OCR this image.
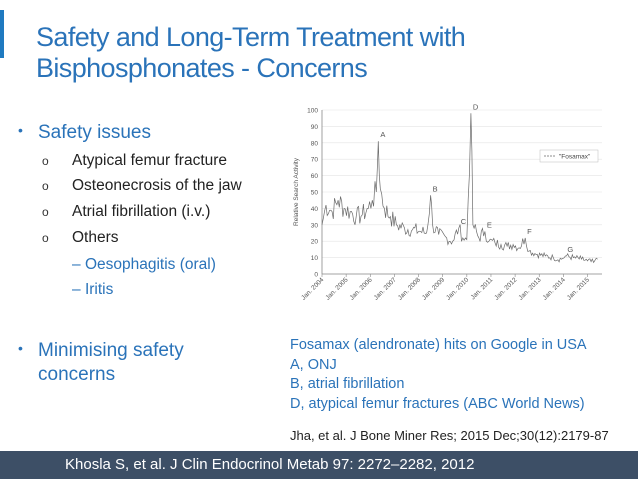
Safety and Long-Term Treatment with
Bisphosphonates - Concerns
• Safety issues
o Atypical femur fracture
o Osteonecrosis of the jaw
o Atrial fibrillation (i.v.)
o Others
– Oesophagitis (oral)
– Iritis
• Minimising safety
concerns
0
10
20
30
40
50
60
70
80
90
100
Relative Search Activity
Jan. 2004
Jan. 2005
Jan. 2006
Jan. 2007
Jan. 2008
Jan. 2009
Jan. 2010 Jan. 2011
Jan. 2012
Jan. 2013
Jan. 2014
Jan. 2015
A
B
C
D
E
F
G
"Fosamax"
Fosamax (alendronate) hits on Google in USA
A, ONJ
B, atrial fibrillation
D, atypical femur fractures (ABC World News)
Jha, et al. J Bone Miner Res; 2015 Dec;30(12):2179-87
Khosla S, et al. J Clin Endocrinol Metab 97: 2272–2282, 2012
